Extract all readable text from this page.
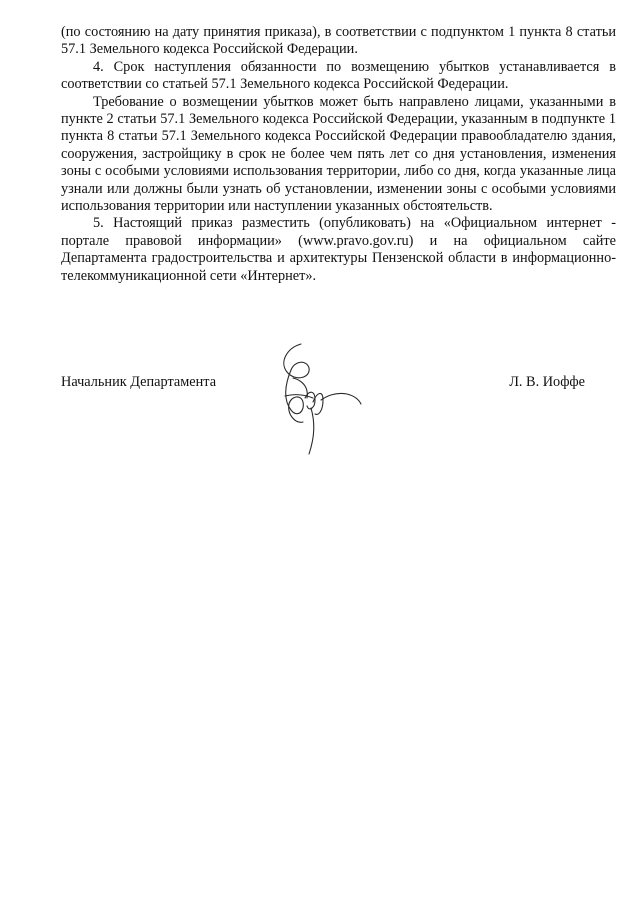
(по состоянию на дату принятия приказа), в соответствии с подпунктом 1 пункта 8 статьи 57.1 Земельного кодекса Российской Федерации.

4. Срок наступления обязанности по возмещению убытков устанавливается в соответствии со статьей 57.1 Земельного кодекса Российской Федерации.

Требование о возмещении убытков может быть направлено лицами, указанными в пункте 2 статьи 57.1 Земельного кодекса Российской Федерации, указанным в подпункте 1 пункта 8 статьи 57.1 Земельного кодекса Российской Федерации правообладателю здания, сооружения, застройщику в срок не более чем пять лет со дня установления, изменения зоны с особыми условиями использования территории, либо со дня, когда указанные лица узнали или должны были узнать об установлении, изменении зоны с особыми условиями использования территории или наступлении указанных обстоятельств.

5. Настоящий приказ разместить (опубликовать) на «Официальном интернет - портале правовой информации» (www.pravo.gov.ru) и на официальном сайте Департамента градостроительства и архитектуры Пензенской области в информационно-телекоммуникационной сети «Интернет».

Начальник Департамента	Л. В. Иоффе
